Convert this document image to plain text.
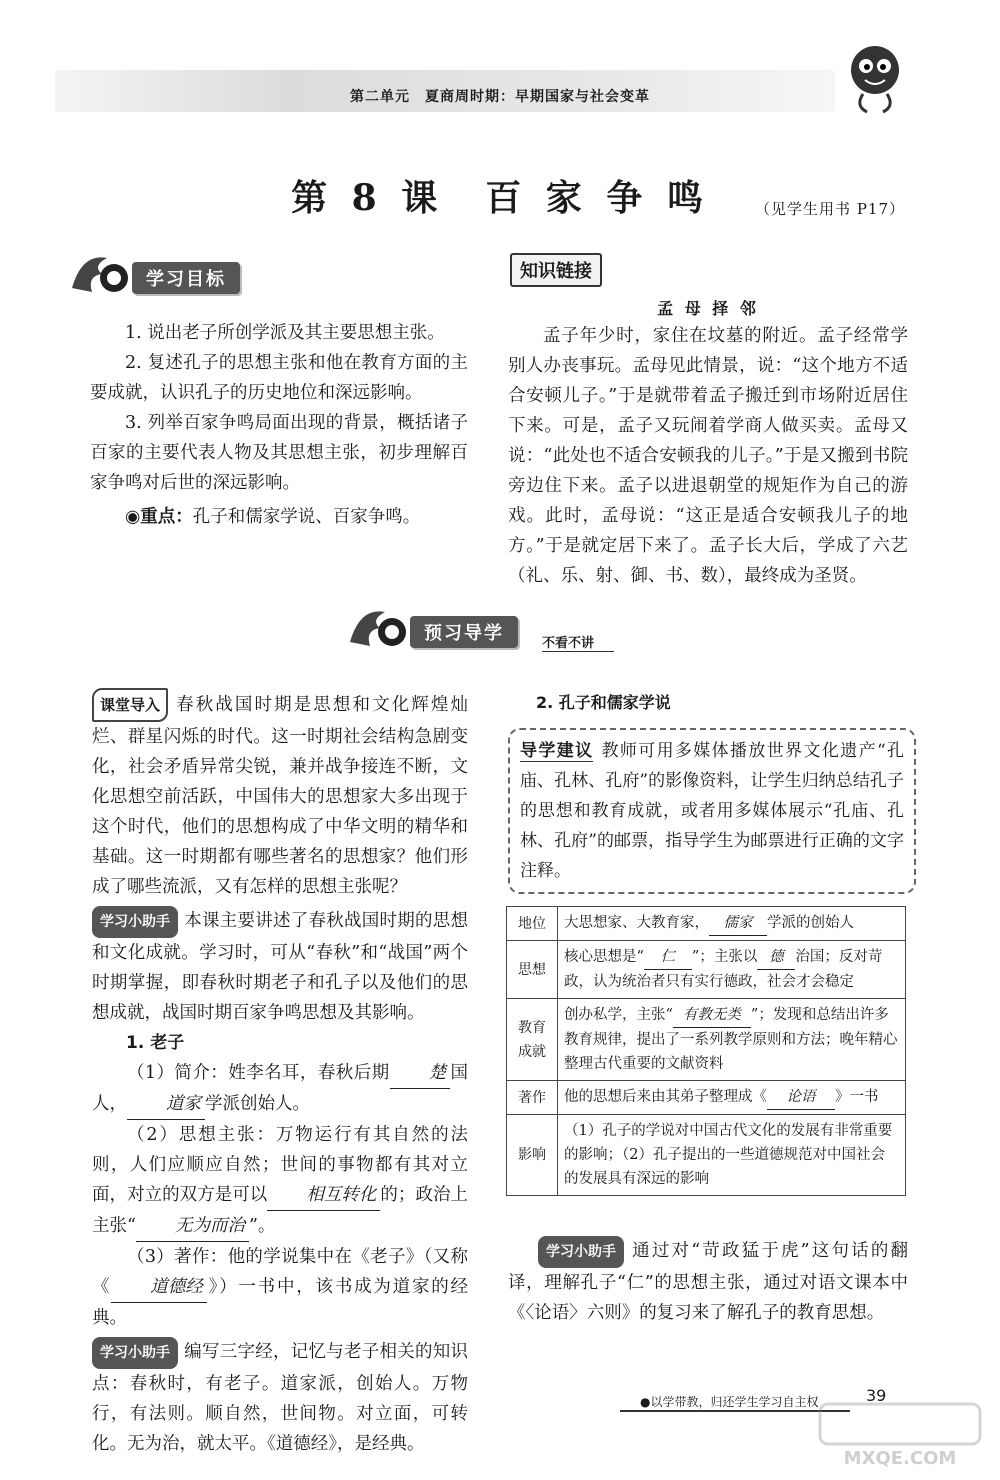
第二单元　夏商周时期：早期国家与社会变革
第 8 课　百 家 争 鸣	（见学生用书 P17）
学习目标

1. 说出老子所创学派及其主要思想主张。

2. 复述孔子的思想主张和他在教育方面的主要成就，认识孔子的历史地位和深远影响。

3. 列举百家争鸣局面出现的背景，概括诸子百家的主要代表人物及其思想主张，初步理解百家争鸣对后世的深远影响。

◉重点：孔子和儒家学说、百家争鸣。

知识链接

孟 母 择 邻

孟子年少时，家住在坟墓的附近。孟子经常学别人办丧事玩。孟母见此情景，说：“这个地方不适合安顿儿子。”于是就带着孟子搬迁到市场附近居住下来。可是，孟子又玩闹着学商人做买卖。孟母又说：“此处也不适合安顿我的儿子。”于是又搬到书院旁边住下来。孟子以进退朝堂的规矩作为自己的游戏。此时，孟母说：“这正是适合安顿我儿子的地方。”于是就定居下来了。孟子长大后，学成了六艺（礼、乐、射、御、书、数），最终成为圣贤。

预习导学	不看不讲

课堂导入 春秋战国时期是思想和文化辉煌灿烂、群星闪烁的时代。这一时期社会结构急剧变化，社会矛盾异常尖锐，兼并战争接连不断，文化思想空前活跃，中国伟大的思想家大多出现于这个时代，他们的思想构成了中华文明的精华和基础。这一时期都有哪些著名的思想家？他们形成了哪些流派，又有怎样的思想主张呢？

学习小助手 本课主要讲述了春秋战国时期的思想和文化成就。学习时，可从“春秋”和“战国”两个时期掌握，即春秋时期老子和孔子以及他们的思想成就，战国时期百家争鸣思想及其影响。

1. 老子

（1）简介：姓李名耳，春秋后期 楚 国人， 道家 学派创始人。

（2）思想主张：万物运行有其自然的法则，人们应顺应自然；世间的事物都有其对立面，对立的双方是可以 相互转化 的；政治上主张“ 无为而治 ”。

（3）著作：他的学说集中在《老子》（又称《 道德经 》）一书中，该书成为道家的经典。

学习小助手 编写三字经，记忆与老子相关的知识点：春秋时，有老子。道家派，创始人。万物行，有法则。顺自然，世间物。对立面，可转化。无为治，就太平。《道德经》，是经典。

2. 孔子和儒家学说

导学建议 教师可用多媒体播放世界文化遗产“孔庙、孔林、孔府”的影像资料，让学生归纳总结孔子的思想和教育成就，或者用多媒体展示“孔庙、孔林、孔府”的邮票，指导学生为邮票进行正确的文字注释。

地位	大思想家、大教育家， 儒家 学派的创始人
思想	核心思想是“ 仁 ”；主张以 德 治国；反对苛政，认为统治者只有实行德政，社会才会稳定
教育成就	创办私学，主张“ 有教无类 ”；发现和总结出许多教育规律，提出了一系列教学原则和方法；晚年精心整理古代重要的文献资料
著作	他的思想后来由其弟子整理成《 论语 》一书
影响	（1）孔子的学说对中国古代文化的发展有非常重要的影响；（2）孔子提出的一些道德规范对中国社会的发展具有深远的影响

学习小助手 通过对“苛政猛于虎”这句话的翻译，理解孔子“仁”的思想主张，通过对语文课本中《〈论语〉六则》的复习来了解孔子的教育思想。

●以学带教，归还学生学习自主权	39
MXQE.COM
